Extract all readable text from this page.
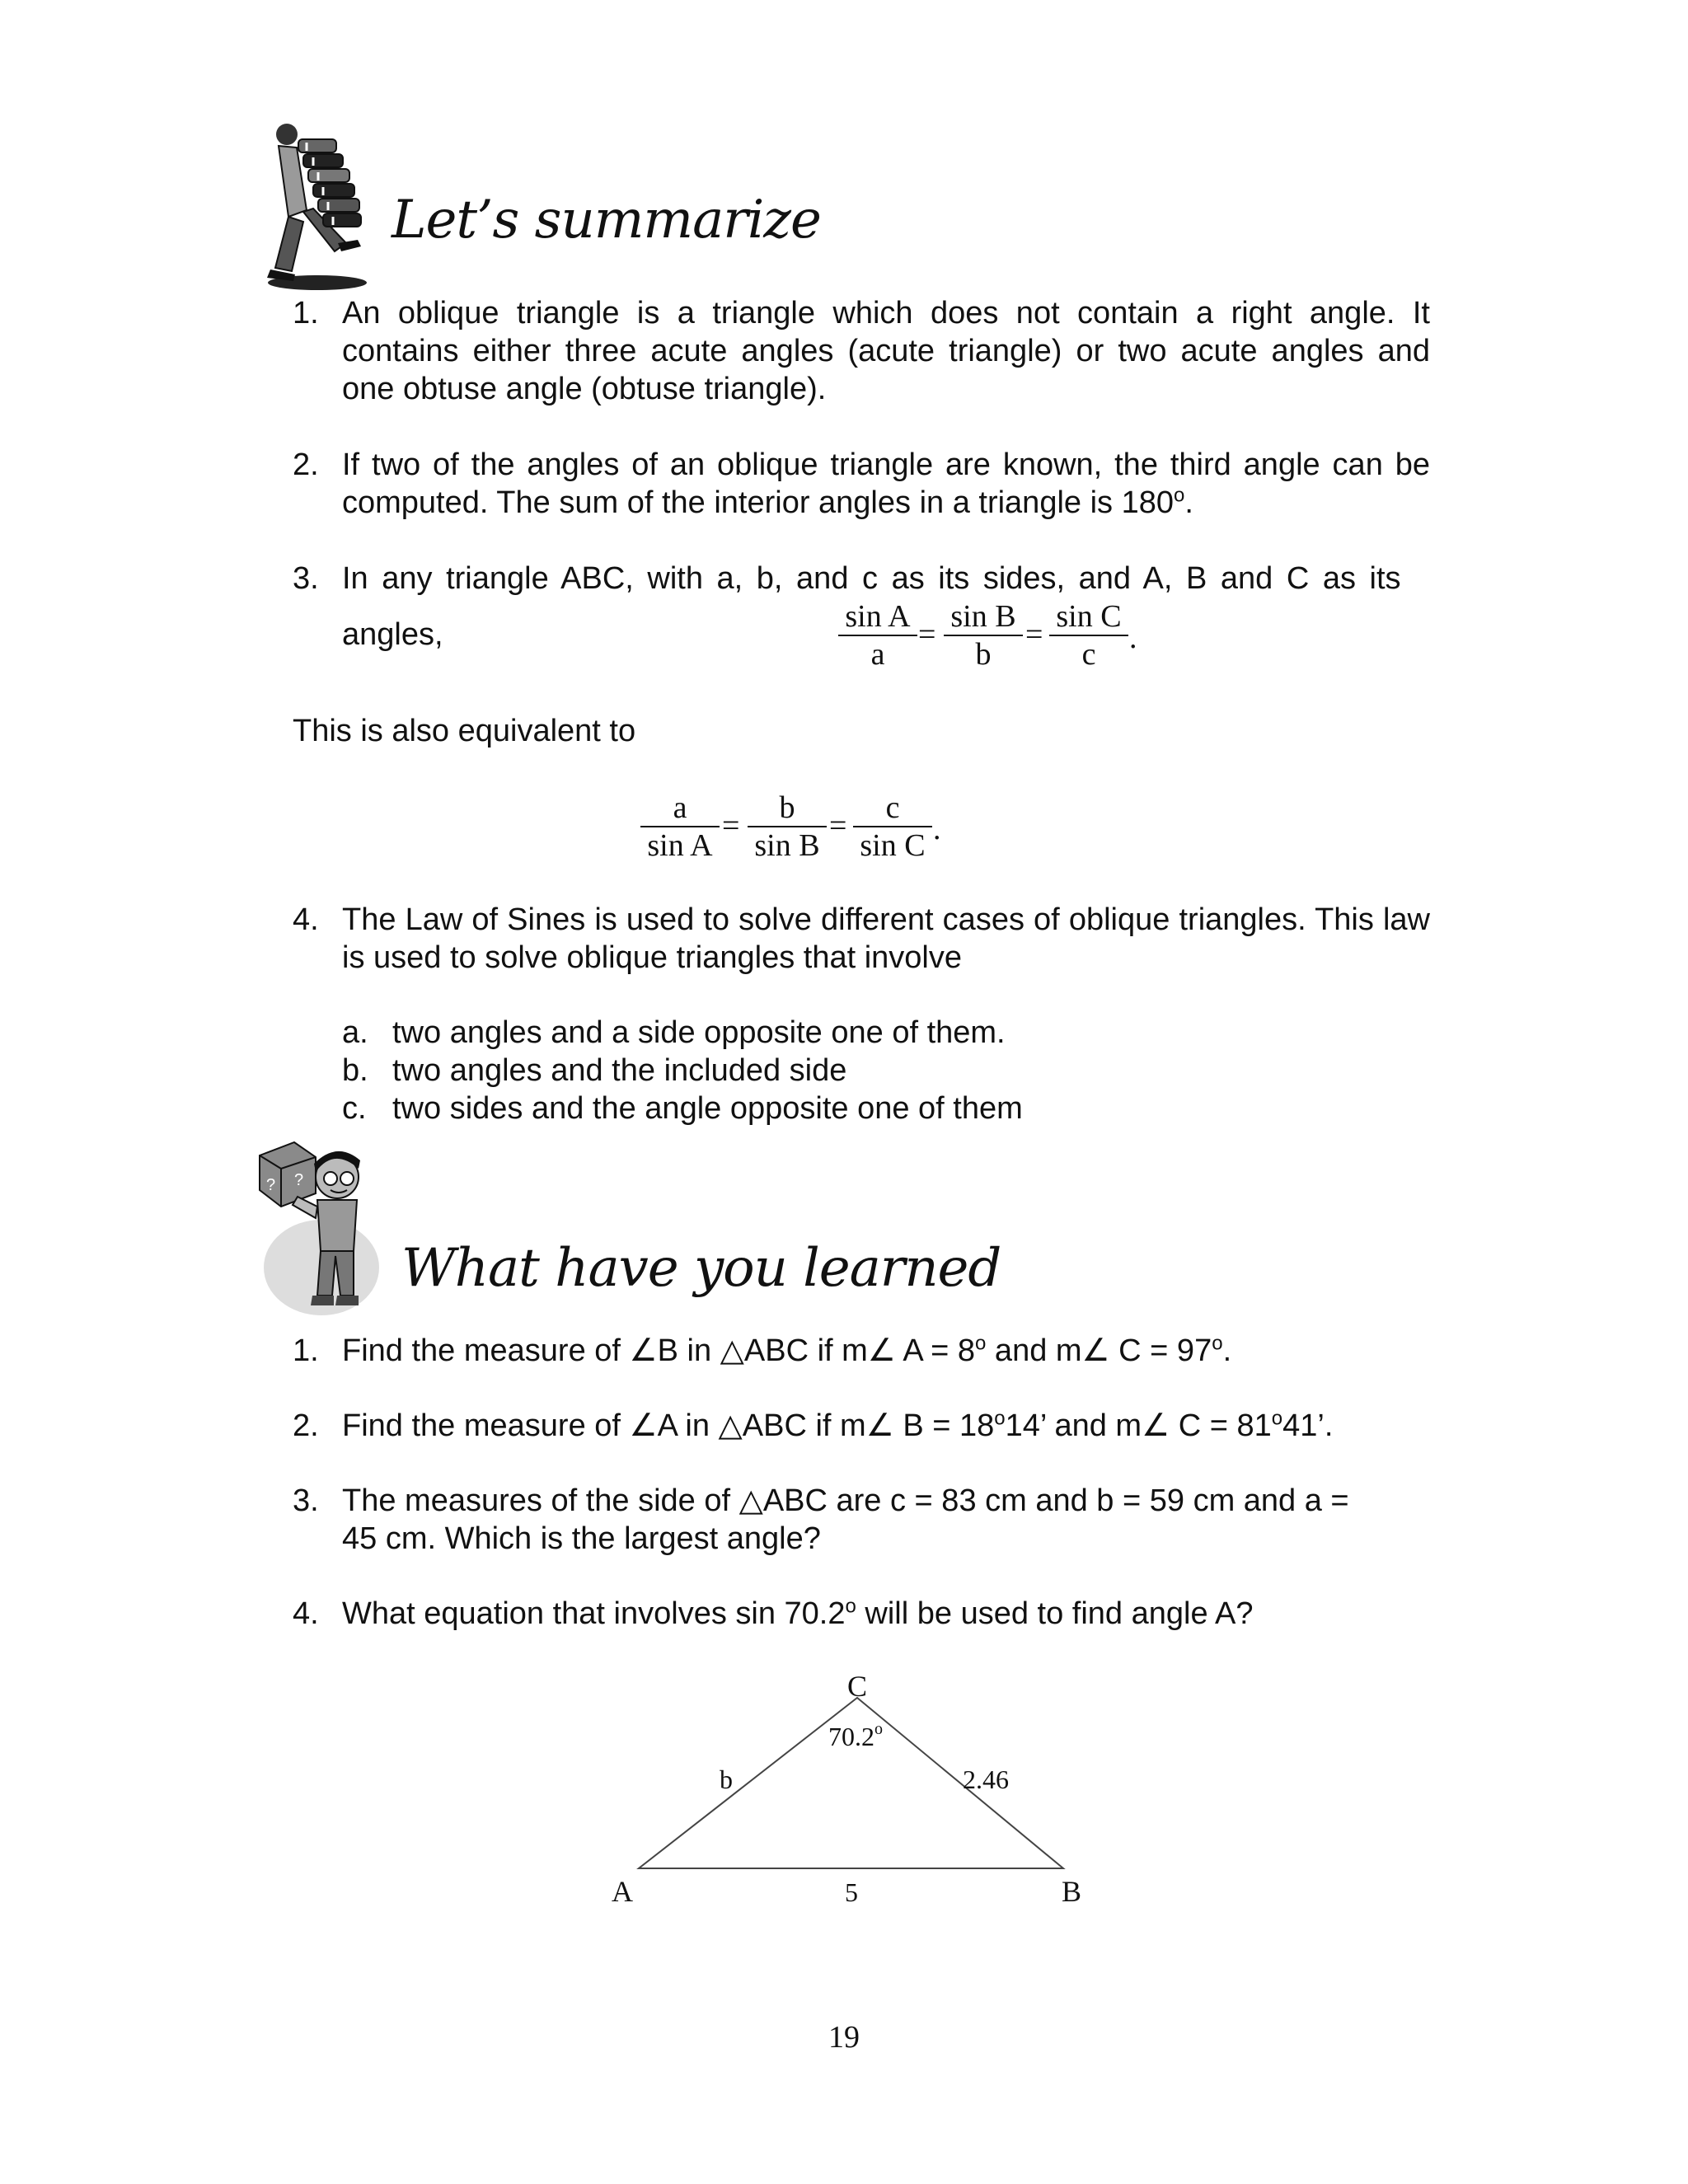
Let’s summarize
1. An oblique triangle is a triangle which does not contain a right angle. It contains either three acute angles (acute triangle) or two acute angles and one obtuse angle (obtuse triangle).
2. If two of the angles of an oblique triangle are known, the third angle can be computed. The sum of the interior angles in a triangle is 180$^o$.
3. In any triangle ABC, with a, b, and c as its sides, and A, B and C as its
angles,
sin A
a
=
sin B
b
=
sin C
c	.
This is also equivalent to
a
sin A
=
b
sin B
=
c
sin C .
4. The Law of Sines is used to solve different cases of oblique triangles. This law is used to solve oblique triangles that involve
a. two angles and a side opposite one of them.
b. two angles and the included side
c. two sides and the angle opposite one of them
? ?
What have you learned
1. Find the measure of ∠B in △ABC if m∠ $A = 8^o$ and m∠ $C = 97^o$.
2. Find the measure of ∠A in △ABC if m∠ $B = 18^o14$’ and m∠ $C = 81^o41$’.
3. The measures of the side of △ABC are c = 83 cm and b = 59 cm and a =
45 cm. Which is the largest angle?
4. What equation that involves sin 70.2$^o$ will be used to find angle A?
C
70.2$^o$
b	2.46
A	5	B
19
